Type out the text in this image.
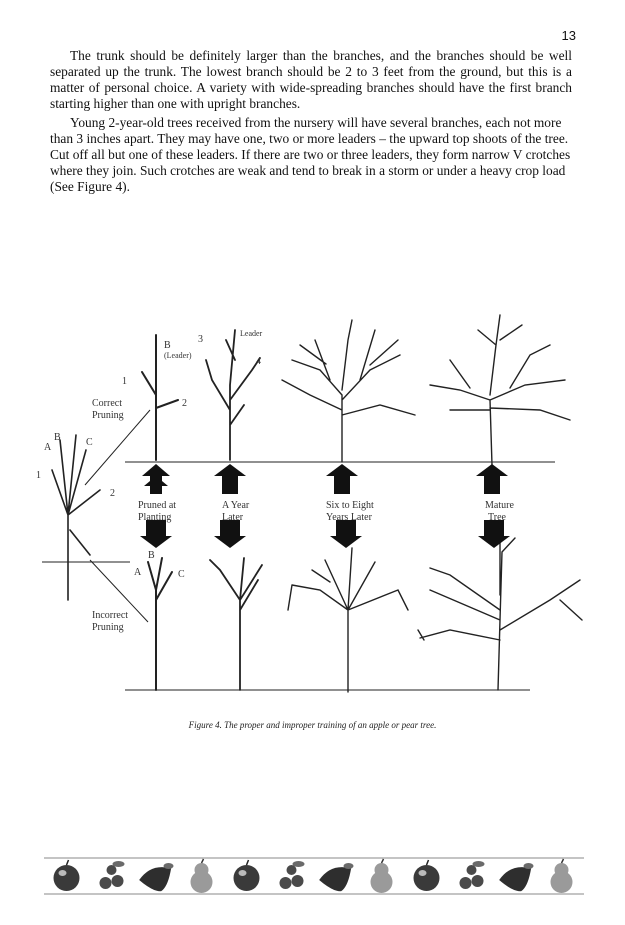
13

The trunk should be definitely larger than the branches, and the branches should be well separated up the trunk. The lowest branch should be 2 to 3 feet from the ground, but this is a matter of personal choice. A variety with wide-spreading branches should have the first branch starting higher than one with upright branches.

Young 2-year-old trees received from the nursery will have several branches, each not more than 3 inches apart. They may have one, two or more leaders – the upward top shoots of the tree. Cut off all but one of these leaders. If there are two or three leaders, they form narrow V crotches where they join. Such crotches are weak and tend to break in a storm or under a heavy crop load (See Figure 4).

Correct
Pruning
Incorrect
Pruning
Pruned at
Planting
A Year
Later
Six to Eight
Years Later
Mature
Tree
Leader
(Leader)
A
B	C
B
A
B
C
1
2
1
2
3
4
Figure 4. The proper and improper training of an apple or pear tree.
